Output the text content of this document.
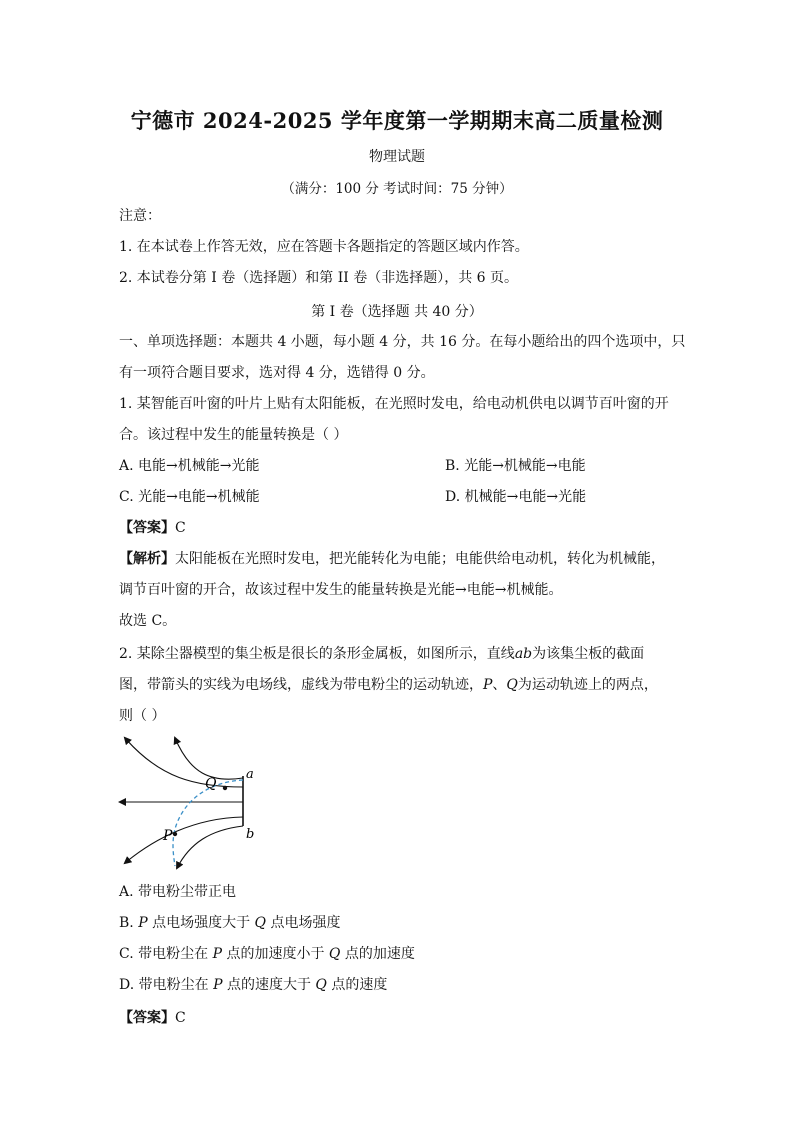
宁德市 2024-2025 学年度第一学期期末高二质量检测
物理试题
（满分：100 分 考试时间：75 分钟）
注意：
1. 在本试卷上作答无效，应在答题卡各题指定的答题区域内作答。
2. 本试卷分第 I 卷（选择题）和第 II 卷（非选择题），共 6 页。
第 I 卷（选择题 共 40 分）
一、单项选择题：本题共 4 小题，每小题 4 分，共 16 分。在每小题给出的四个选项中，只
有一项符合题目要求，选对得 4 分，选错得 0 分。
1. 某智能百叶窗的叶片上贴有太阳能板，在光照时发电，给电动机供电以调节百叶窗的开
合。该过程中发生的能量转换是（ ）
A. 电能→机械能→光能	B. 光能→机械能→电能
C. 光能→电能→机械能	D. 机械能→电能→光能
【答案】C
【解析】太阳能板在光照时发电，把光能转化为电能；电能供给电动机，转化为机械能，
调节百叶窗的开合，故该过程中发生的能量转换是光能→电能→机械能。
故选 C。
2. 某除尘器模型的集尘板是很长的条形金属板，如图所示，直线ab为该集尘板的截面
图，带箭头的实线为电场线，虚线为带电粉尘的运动轨迹，P、Q为运动轨迹上的两点，
则（ ）
Q
P
a
b
A. 带电粉尘带正电
B. P 点电场强度大于 Q 点电场强度
C. 带电粉尘在 P 点的加速度小于 Q 点的加速度
D. 带电粉尘在 P 点的速度大于 Q 点的速度
【答案】C
